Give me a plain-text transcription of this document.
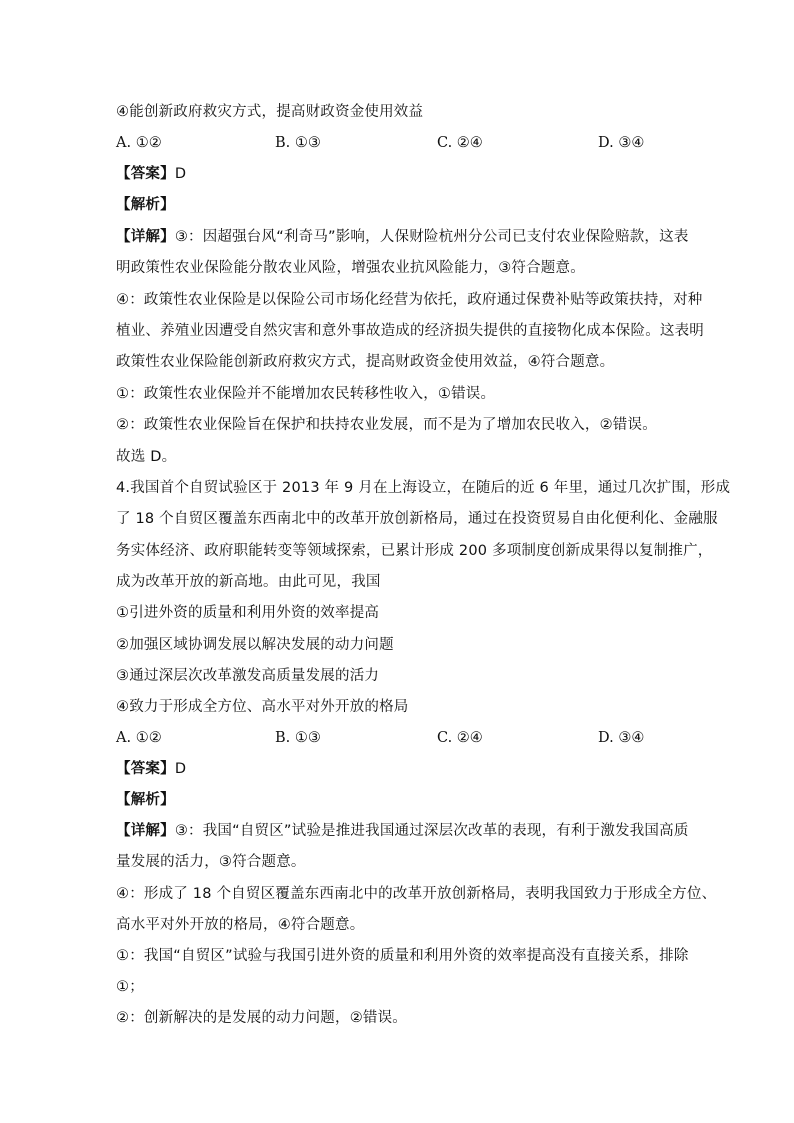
④能创新政府救灾方式，提高财政资金使用效益
A. ①②	B. ①③	C. ②④	D. ③④
【答案】D
【解析】
【详解】③：因超强台风“利奇马”影响，人保财险杭州分公司已支付农业保险赔款，这表
明政策性农业保险能分散农业风险，增强农业抗风险能力，③符合题意。
④：政策性农业保险是以保险公司市场化经营为依托，政府通过保费补贴等政策扶持，对种
植业、养殖业因遭受自然灾害和意外事故造成的经济损失提供的直接物化成本保险。这表明
政策性农业保险能创新政府救灾方式，提高财政资金使用效益，④符合题意。
①：政策性农业保险并不能增加农民转移性收入，①错误。
②：政策性农业保险旨在保护和扶持农业发展，而不是为了增加农民收入，②错误。
故选 D。
4.我国首个自贸试验区于 2013 年 9 月在上海设立，在随后的近 6 年里，通过几次扩围，形成
了 18 个自贸区覆盖东西南北中的改革开放创新格局，通过在投资贸易自由化便利化、金融服
务实体经济、政府职能转变等领域探索，已累计形成 200 多项制度创新成果得以复制推广，
成为改革开放的新高地。由此可见，我国
①引进外资的质量和利用外资的效率提高
②加强区域协调发展以解决发展的动力问题
③通过深层次改革激发高质量发展的活力
④致力于形成全方位、高水平对外开放的格局
A. ①②	B. ①③	C. ②④	D. ③④
【答案】D
【解析】
【详解】③：我国“自贸区”试验是推进我国通过深层次改革的表现，有利于激发我国高质
量发展的活力，③符合题意。
④：形成了 18 个自贸区覆盖东西南北中的改革开放创新格局，表明我国致力于形成全方位、
高水平对外开放的格局，④符合题意。
①：我国“自贸区”试验与我国引进外资的质量和利用外资的效率提高没有直接关系，排除
①；
②：创新解决的是发展的动力问题，②错误。
